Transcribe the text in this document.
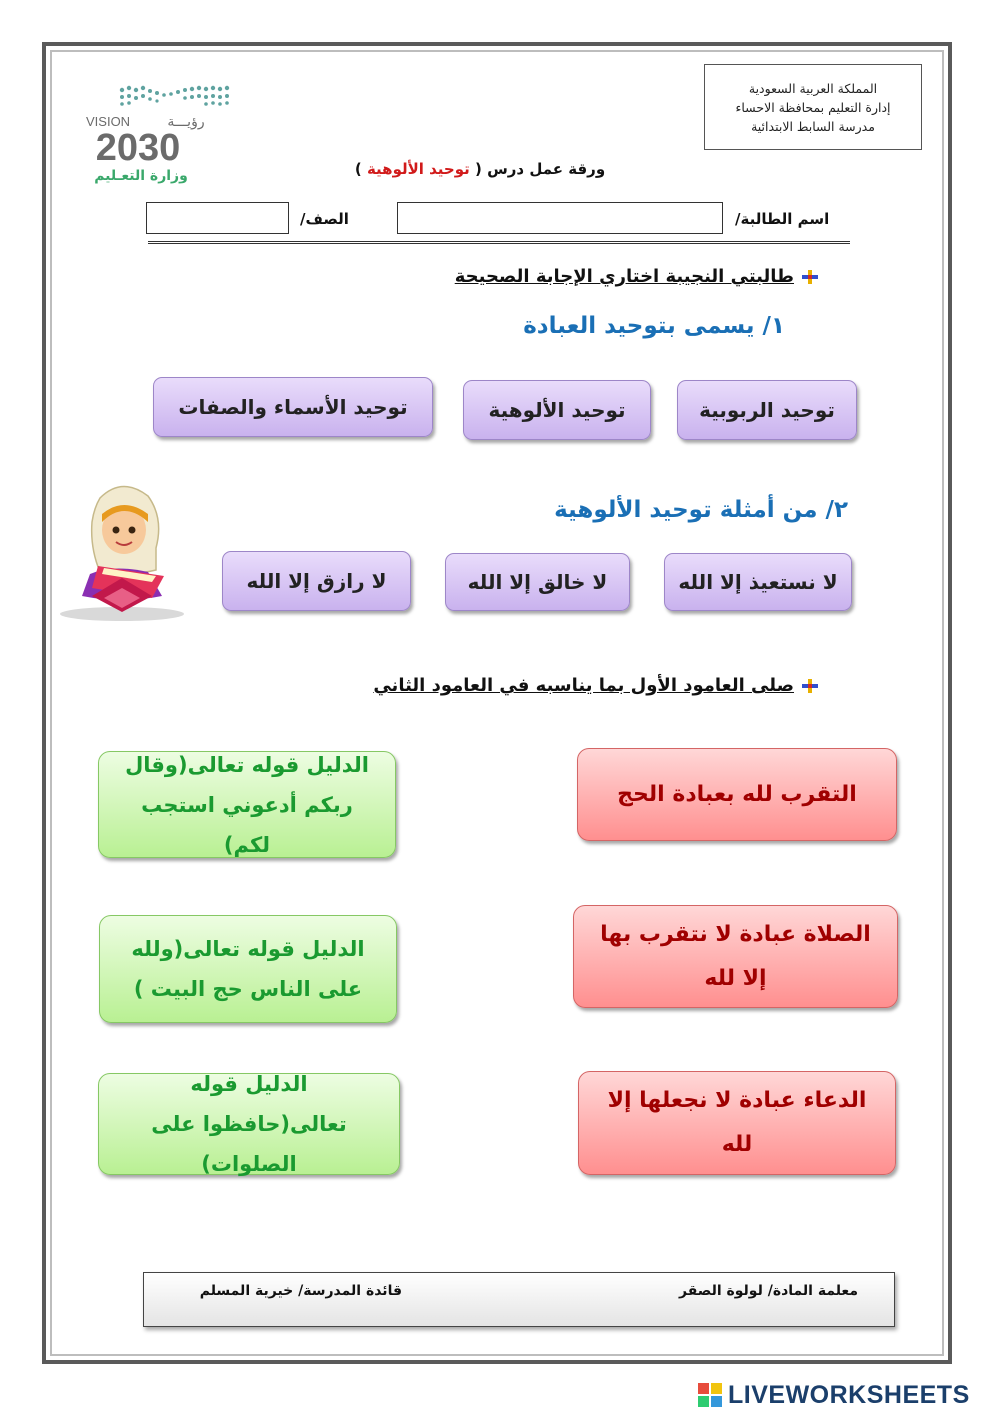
المملكة العربية السعودية
إدارة التعليم بمحافظة الاحساء
مدرسة السابط الابتدائية
VISION	رؤيـــة
2030
وزارة التعـليم	ورقة عمل درس ( توحيد الألوهية )
اسم الطالبة/
الصف/
طالبتي النجيبة اختاري الإجابة الصحيحة
١/ يسمى بتوحيد العبادة
توحيد الربوبية
توحيد الألوهية
توحيد الأسماء والصفات
٢/ من أمثلة توحيد الألوهية
لا نستعيذ إلا الله
لا خالق إلا الله
لا رازق إلا الله
صلى العامود الأول بما يناسبه في العامود الثاني
التقرب لله بعبادة الحج
الصلاة عبادة لا نتقرب بها إلا لله
الدعاء عبادة لا نجعلها إلا لله
الدليل قوله تعالى(وقال ربكم أدعوني استجب لكم)
الدليل قوله تعالى(ولله على الناس حج البيت )
الدليل قوله تعالى(حافظوا على الصلوات)
معلمة المادة/ لولوة الصقر
قائدة المدرسة/ خيرية المسلم
LIVEWORKSHEETS
